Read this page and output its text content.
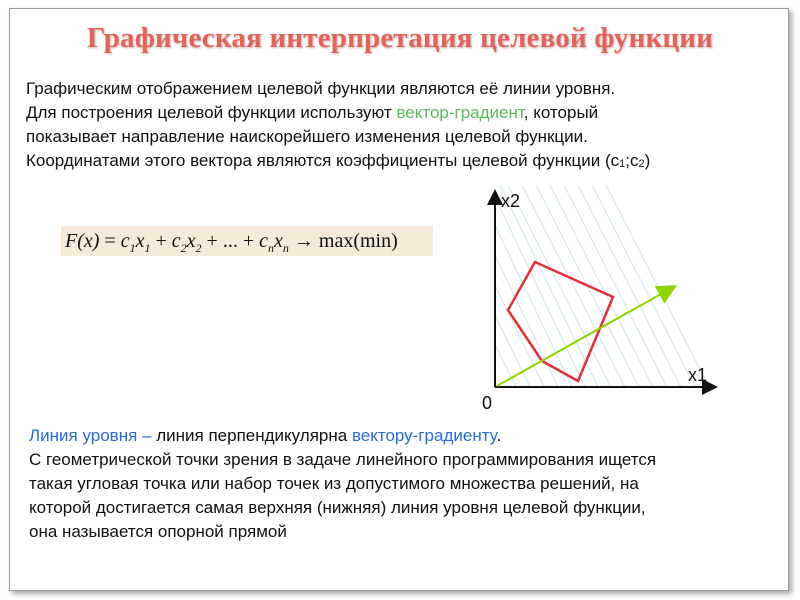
Графическая интерпретация целевой функции

Графическим отображением целевой функции являются её линии уровня.

Для построения целевой функции используют вектор-градиент, который

показывает направление наискорейшего изменения целевой функции.

Координатами этого вектора являются коэффициенты целевой функции (с1;с2)

$F(x) = c_1x_1 + c_2x_2$ + ... + $c_nx_n \to \max(\min)$
x2
x1
0

Линия уровня – линия перпендикулярна вектору-градиенту.

С геометрической точки зрения в задаче линейного программирования ищется

такая угловая точка или набор точек из допустимого множества решений, на

которой достигается самая верхняя (нижняя) линия уровня целевой функции,

она называется опорной прямой
